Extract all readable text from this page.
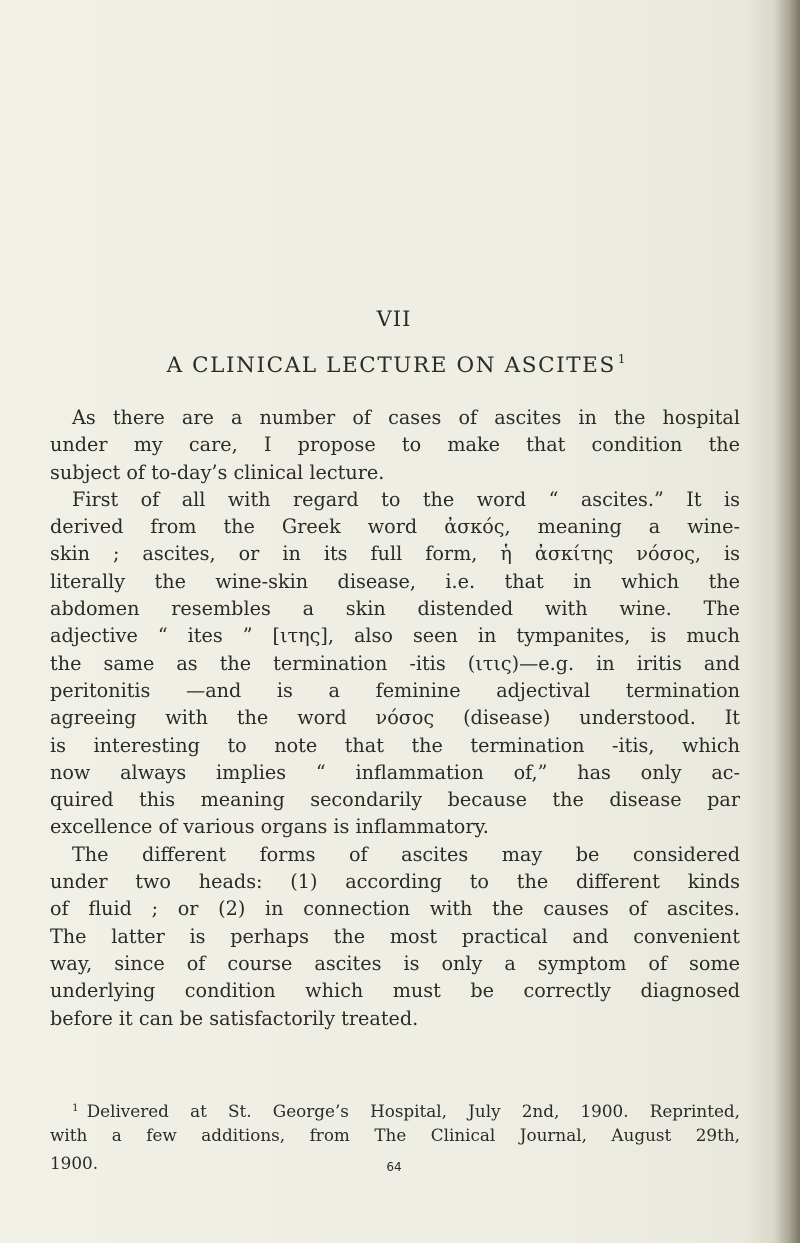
VII
A CLINICAL LECTURE ON ASCITES $^1$
As there are a number of cases of ascites in the hospital
under my care, I propose to make that condition the
subject of to-day’s clinical lecture.
First of all with regard to the word “ ascites.” It is
derived from the Greek word ἀσκός, meaning a wine-
skin ; ascites, or in its full form, ἡ ἀσκίτης νόσος, is
literally the wine-skin disease, i.e. that in which the
abdomen resembles a skin distended with wine. The
adjective “ ites ” [ιτης], also seen in tympanites, is much
the same as the termination -itis (ιτις)—e.g. in iritis and
peritonitis —and is a feminine adjectival termination
agreeing with the word νόσος (disease) understood. It
is interesting to note that the termination -itis, which
now always implies “ inflammation of,” has only ac-
quired this meaning secondarily because the disease par
excellence of various organs is inflammatory.
The different forms of ascites may be considered
under two heads: (1) according to the different kinds
of fluid ; or (2) in connection with the causes of ascites.
The latter is perhaps the most practical and convenient
way, since of course ascites is only a symptom of some
underlying condition which must be correctly diagnosed
before it can be satisfactorily treated.
$^1$ Delivered at St. George’s Hospital, July 2nd, 1900. Reprinted,
with a few additions, from The Clinical Journal, August 29th,
1900.	64
